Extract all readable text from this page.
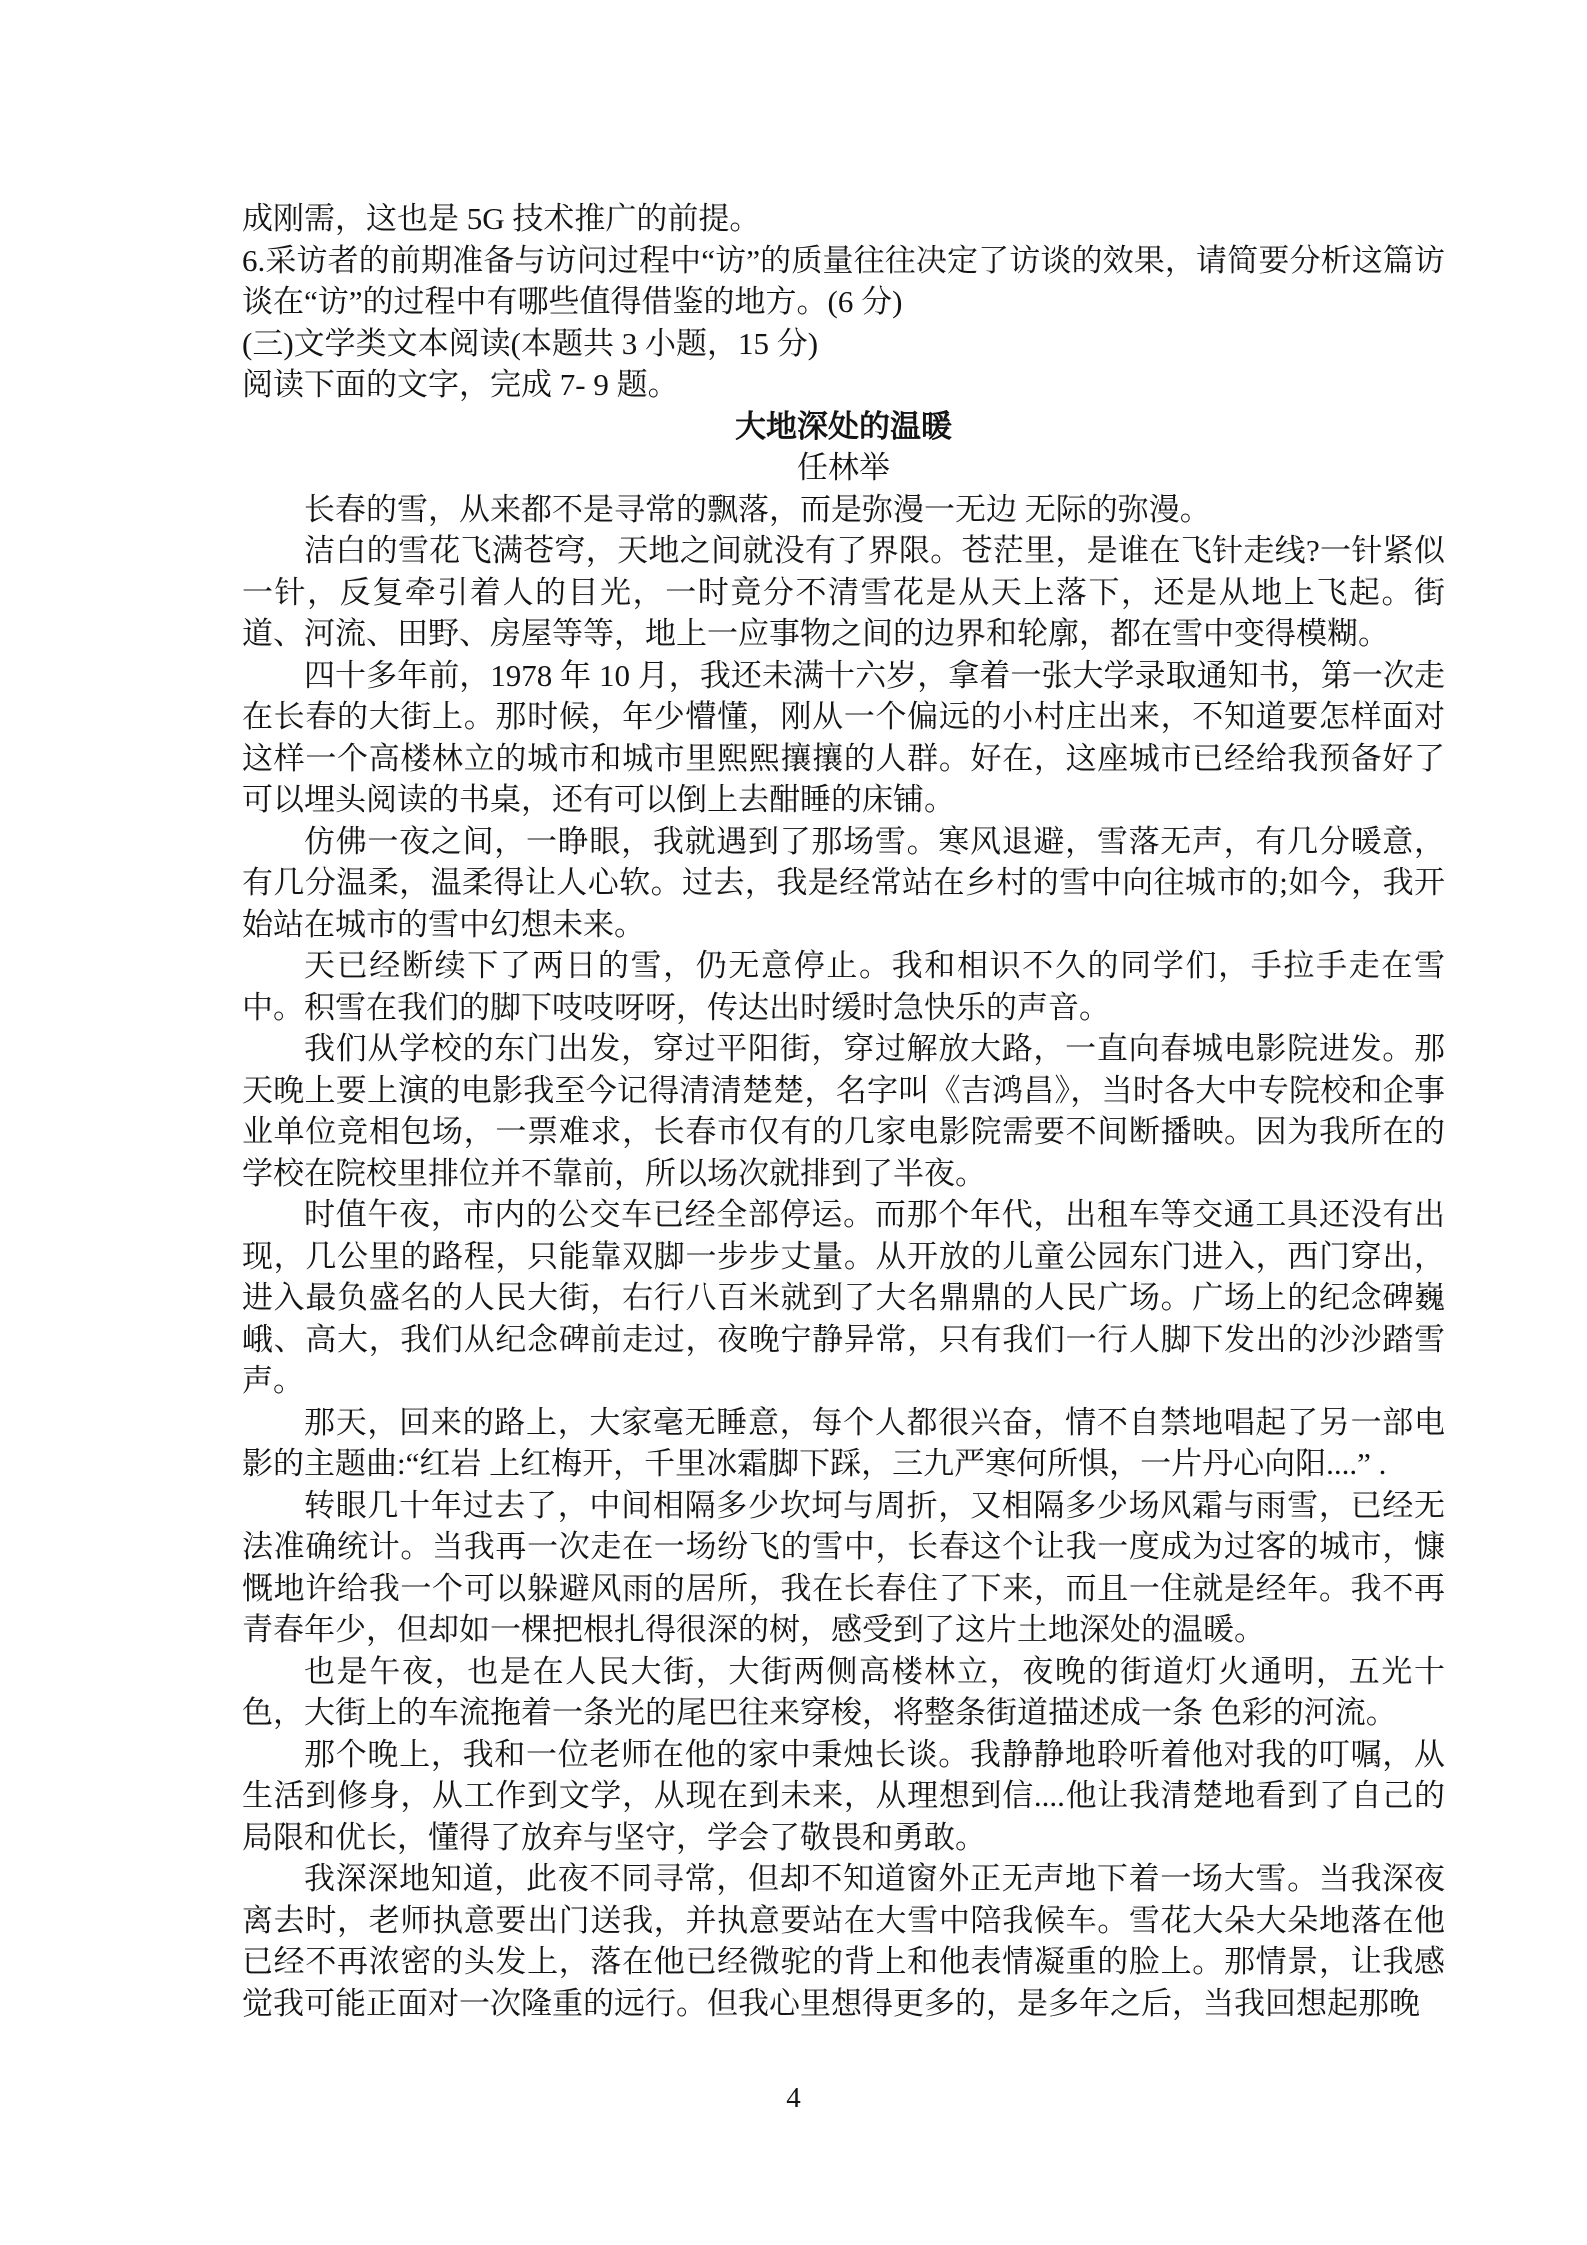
成刚需，这也是 5G 技术推广的前提。

6.采访者的前期准备与访问过程中“访”的质量往往决定了访谈的效果，请简要分析这篇访谈在“访”的过程中有哪些值得借鉴的地方。(6 分)

(三)文学类文本阅读(本题共 3 小题，15 分)

阅读下面的文字，完成 7- 9 题。

大地深处的温暖

任林举

长春的雪，从来都不是寻常的飘落，而是弥漫一无边 无际的弥漫。

洁白的雪花飞满苍穹，天地之间就没有了界限。苍茫里，是谁在飞针走线?一针紧似一针，反复牵引着人的目光，一时竟分不清雪花是从天上落下，还是从地上飞起。街道、河流、田野、房屋等等，地上一应事物之间的边界和轮廓，都在雪中变得模糊。

四十多年前，1978 年 10 月，我还未满十六岁，拿着一张大学录取通知书，第一次走在长春的大街上。那时候，年少懵懂，刚从一个偏远的小村庄出来，不知道要怎样面对这样一个高楼林立的城市和城市里熙熙攘攘的人群。好在，这座城市已经给我预备好了可以埋头阅读的书桌，还有可以倒上去酣睡的床铺。

仿佛一夜之间，一睁眼，我就遇到了那场雪。寒风退避，雪落无声，有几分暖意，有几分温柔，温柔得让人心软。过去，我是经常站在乡村的雪中向往城市的;如今，我开始站在城市的雪中幻想未来。

天已经断续下了两日的雪，仍无意停止。我和相识不久的同学们，手拉手走在雪中。积雪在我们的脚下吱吱呀呀，传达出时缓时急快乐的声音。

我们从学校的东门出发，穿过平阳街，穿过解放大路，一直向春城电影院进发。那天晚上要上演的电影我至今记得清清楚楚，名字叫《吉鸿昌》，当时各大中专院校和企事业单位竞相包场，一票难求，长春市仅有的几家电影院需要不间断播映。因为我所在的学校在院校里排位并不靠前，所以场次就排到了半夜。

时值午夜，市内的公交车已经全部停运。而那个年代，出租车等交通工具还没有出现，几公里的路程，只能靠双脚一步步丈量。从开放的儿童公园东门进入，西门穿出，进入最负盛名的人民大街，右行八百米就到了大名鼎鼎的人民广场。广场上的纪念碑巍峨、高大，我们从纪念碑前走过，夜晚宁静异常，只有我们一行人脚下发出的沙沙踏雪声。

那天，回来的路上，大家毫无睡意，每个人都很兴奋，情不自禁地唱起了另一部电影的主题曲:“红岩 上红梅开，千里冰霜脚下踩，三九严寒何所惧，一片丹心向阳....” .

转眼几十年过去了，中间相隔多少坎坷与周折，又相隔多少场风霜与雨雪，已经无法准确统计。当我再一次走在一场纷飞的雪中，长春这个让我一度成为过客的城市，慷慨地许给我一个可以躲避风雨的居所，我在长春住了下来，而且一住就是经年。我不再青春年少，但却如一棵把根扎得很深的树，感受到了这片土地深处的温暖。

也是午夜，也是在人民大街，大街两侧高楼林立，夜晚的街道灯火通明，五光十色，大街上的车流拖着一条光的尾巴往来穿梭，将整条街道描述成一条 色彩的河流。

那个晚上，我和一位老师在他的家中秉烛长谈。我静静地聆听着他对我的叮嘱，从生活到修身，从工作到文学，从现在到未来，从理想到信....他让我清楚地看到了自己的局限和优长，懂得了放弃与坚守，学会了敬畏和勇敢。

我深深地知道，此夜不同寻常，但却不知道窗外正无声地下着一场大雪。当我深夜离去时，老师执意要出门送我，并执意要站在大雪中陪我候车。雪花大朵大朵地落在他已经不再浓密的头发上，落在他已经微驼的背上和他表情凝重的脸上。那情景，让我感觉我可能正面对一次隆重的远行。但我心里想得更多的，是多年之后，当我回想起那晚

4
